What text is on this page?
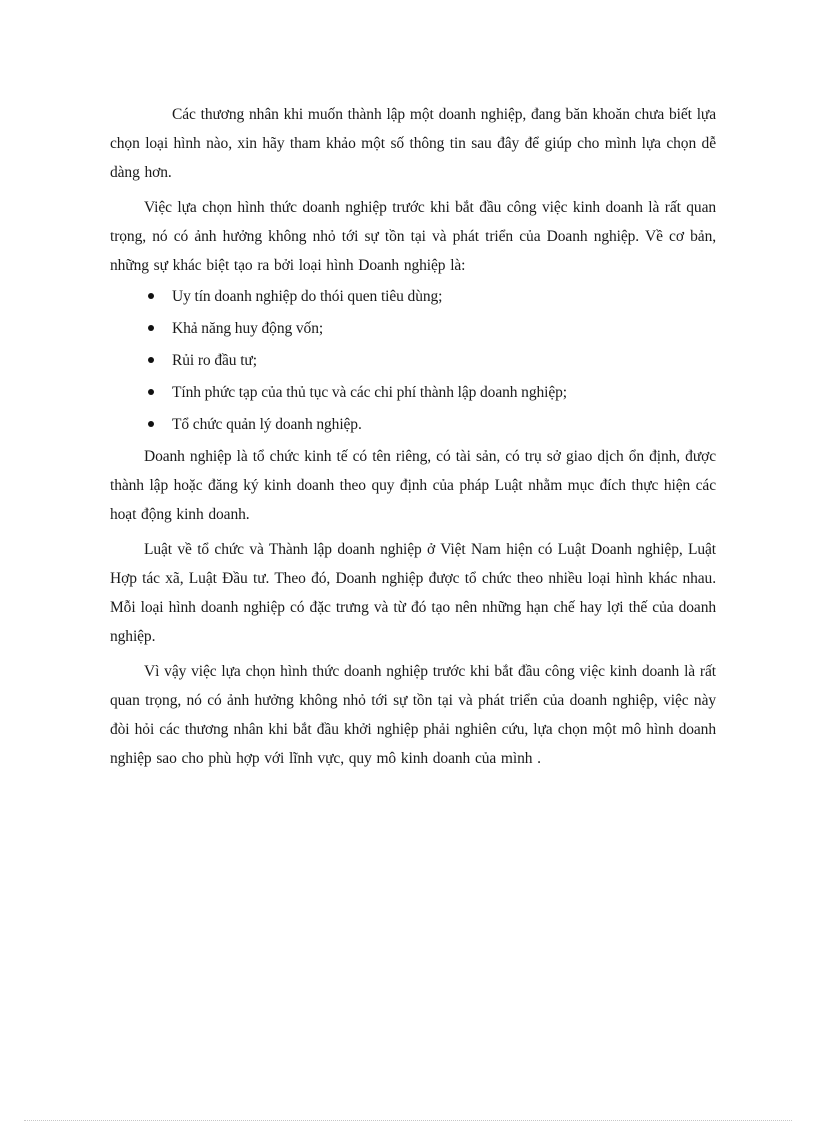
Các thương nhân khi muốn thành lập một doanh nghiệp, đang băn khoăn chưa biết lựa chọn loại hình nào, xin hãy tham khảo một số thông tin sau đây để giúp cho mình lựa chọn dễ dàng hơn.

Việc lựa chọn hình thức doanh nghiệp trước khi bắt đầu công việc kinh doanh là rất quan trọng, nó có ảnh hưởng không nhỏ tới sự tồn tại và phát triển của Doanh nghiệp. Về cơ bản, những sự khác biệt tạo ra bởi loại hình Doanh nghiệp là:

Uy tín doanh nghiệp do thói quen tiêu dùng;
Khả năng huy động vốn;
Rủi ro đầu tư;
Tính phức tạp của thủ tục và các chi phí thành lập doanh nghiệp;
Tổ chức quản lý doanh nghiệp.

Doanh nghiệp là tổ chức kinh tế có tên riêng, có tài sản, có trụ sở giao dịch ổn định, được thành lập hoặc đăng ký kinh doanh theo quy định của pháp Luật nhằm mục đích thực hiện các hoạt động kinh doanh.

Luật về tổ chức và Thành lập doanh nghiệp ở Việt Nam hiện có Luật Doanh nghiệp, Luật Hợp tác xã, Luật Đầu tư. Theo đó, Doanh nghiệp được tổ chức theo nhiều loại hình khác nhau. Mỗi loại hình doanh nghiệp có đặc trưng và từ đó tạo nên những hạn chế hay lợi thế của doanh nghiệp.

Vì vậy việc lựa chọn hình thức doanh nghiệp trước khi bắt đầu công việc kinh doanh là rất quan trọng, nó có ảnh hưởng không nhỏ tới sự tồn tại và phát triển của doanh nghiệp, việc này đòi hỏi các thương nhân khi bắt đầu khởi nghiệp phải nghiên cứu, lựa chọn một mô hình doanh nghiệp sao cho phù hợp với lĩnh vực, quy mô kinh doanh của mình .
